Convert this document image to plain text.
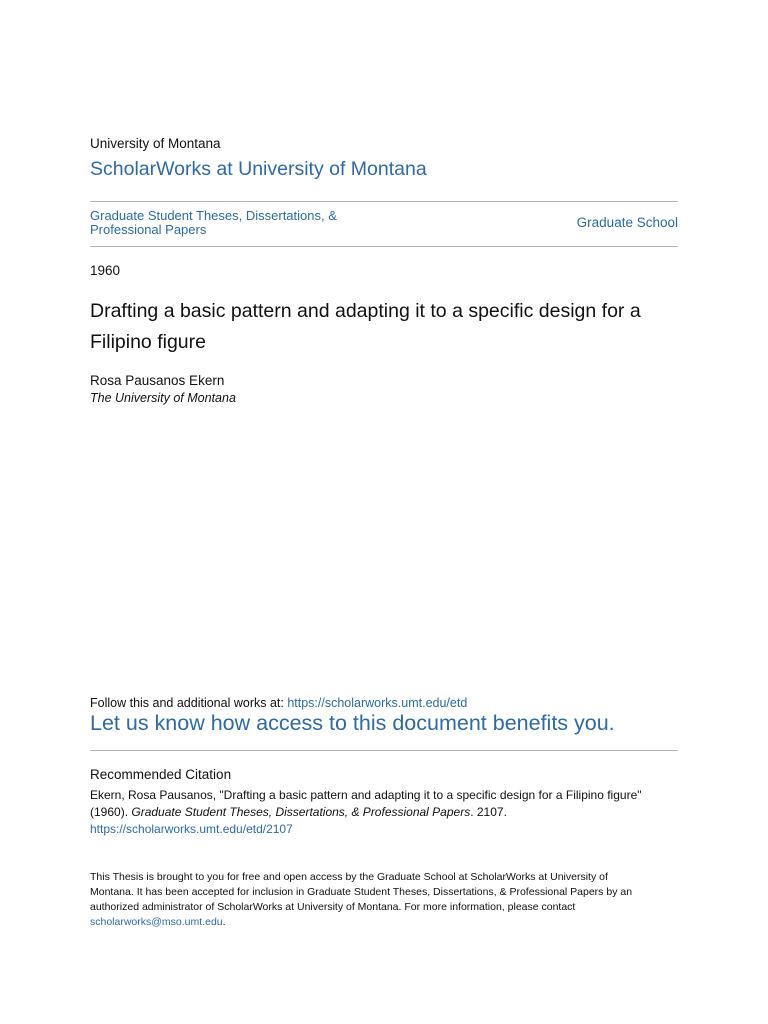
University of Montana
ScholarWorks at University of Montana
Graduate Student Theses, Dissertations, &
Professional Papers	Graduate School
1960
Drafting a basic pattern and adapting it to a specific design for a
Filipino figure
Rosa Pausanos Ekern
The University of Montana
Follow this and additional works at: https://scholarworks.umt.edu/etd
Let us know how access to this document benefits you.
Recommended Citation
Ekern, Rosa Pausanos, "Drafting a basic pattern and adapting it to a specific design for a Filipino figure"
(1960). Graduate Student Theses, Dissertations, & Professional Papers. 2107.
https://scholarworks.umt.edu/etd/2107
This Thesis is brought to you for free and open access by the Graduate School at ScholarWorks at University of
Montana. It has been accepted for inclusion in Graduate Student Theses, Dissertations, & Professional Papers by an
authorized administrator of ScholarWorks at University of Montana. For more information, please contact
scholarworks@mso.umt.edu.
